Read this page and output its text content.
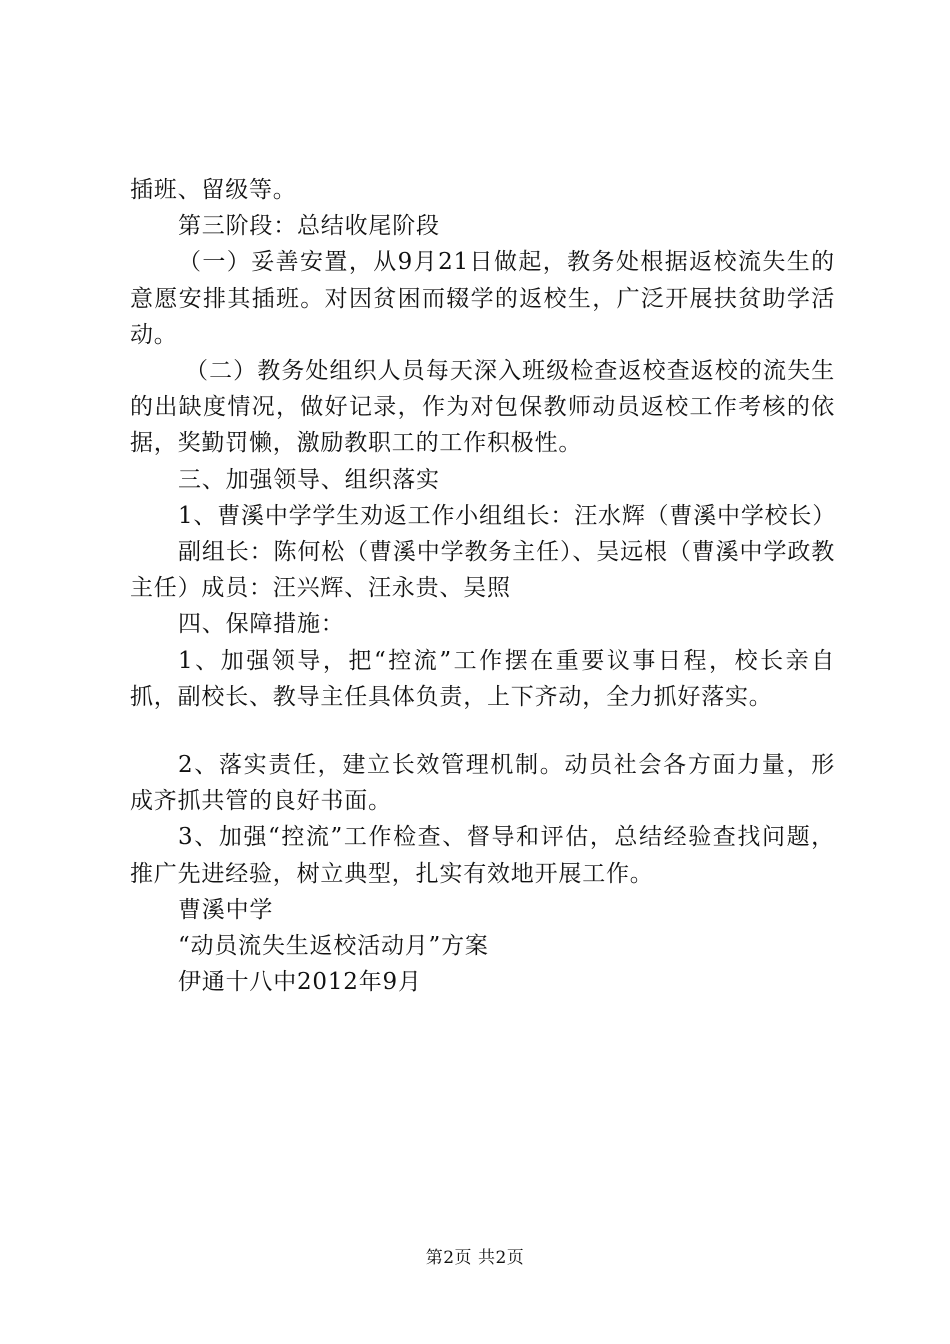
插班、留级等。

第三阶段：总结收尾阶段

（一）妥善安置，从9月21日做起，教务处根据返校流失生的意愿安排其插班。对因贫困而辍学的返校生，广泛开展扶贫助学活动。

（二）教务处组织人员每天深入班级检查返校查返校的流失生的出缺度情况，做好记录，作为对包保教师动员返校工作考核的依据，奖勤罚懒，激励教职工的工作积极性。

三、加强领导、组织落实

1、曹溪中学学生劝返工作小组组长：汪水辉（曹溪中学校长）

副组长：陈何松（曹溪中学教务主任）、吴远根（曹溪中学政教主任）成员：汪兴辉、汪永贵、吴照

四、保障措施：

1、加强领导，把“控流”工作摆在重要议事日程，校长亲自抓，副校长、教导主任具体负责，上下齐动，全力抓好落实。

2、落实责任，建立长效管理机制。动员社会各方面力量，形成齐抓共管的良好书面。

3、加强“控流”工作检查、督导和评估，总结经验查找问题，推广先进经验，树立典型，扎实有效地开展工作。

曹溪中学

“动员流失生返校活动月”方案

伊通十八中2012年9月

第2页 共2页
